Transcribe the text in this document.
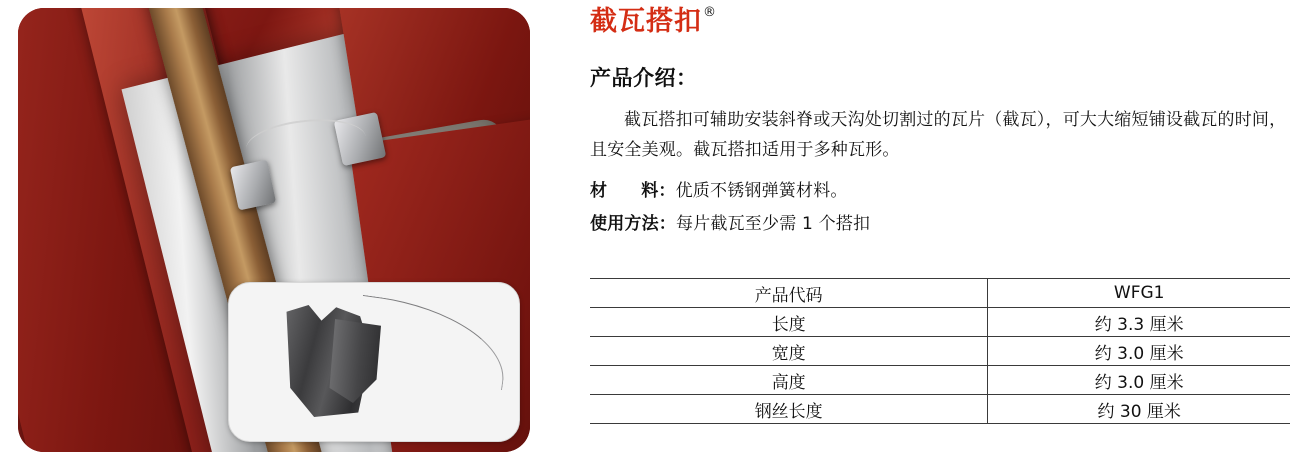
截瓦搭扣 ®
产品介绍：
截瓦搭扣可辅助安装斜脊或天沟处切割过的瓦片（截瓦），可大大缩短铺设截瓦的时间，且安全美观。截瓦搭扣适用于多种瓦形。
材 料：优质不锈钢弹簧材料。
使用方法：每片截瓦至少需 1 个搭扣
产品代码	WFG1
长度	约 3.3 厘米
宽度	约 3.0 厘米
高度	约 3.0 厘米
钢丝长度	约 30 厘米
